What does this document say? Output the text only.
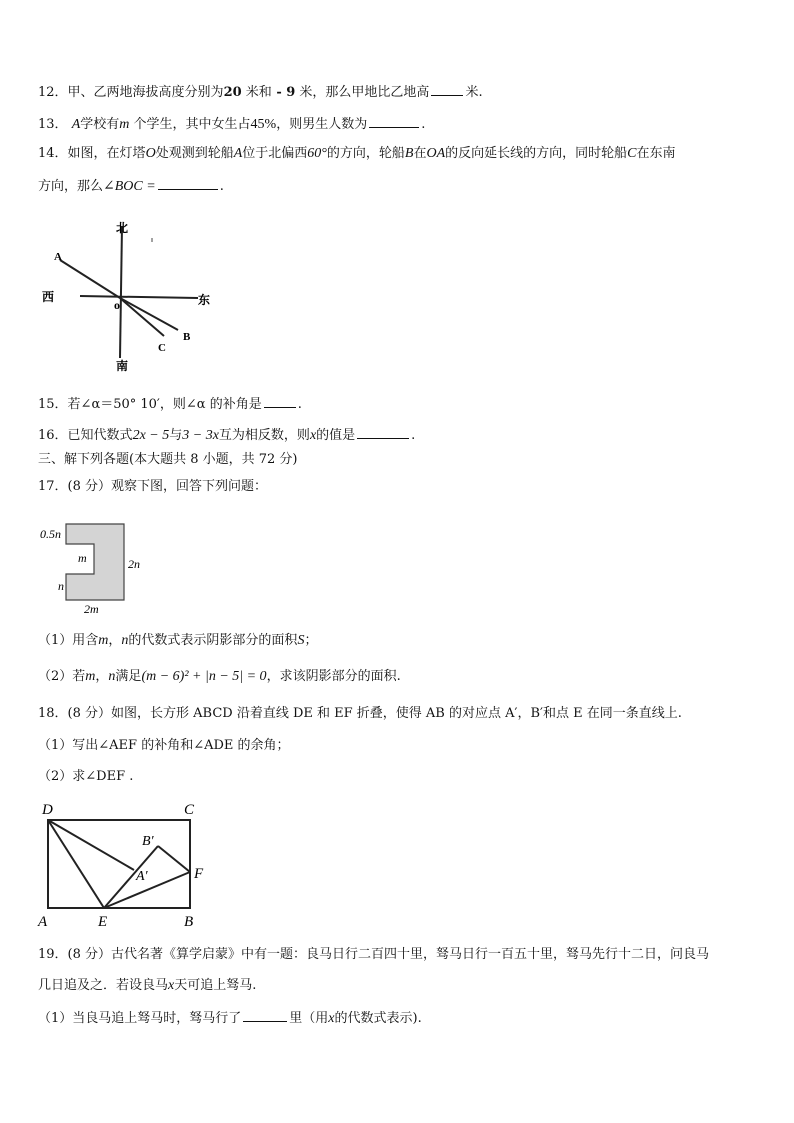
12．甲、乙两地海拔高度分别为20 米和 - 9 米，那么甲地比乙地高	米.
13． A学校有m 个学生，其中女生占45%，则男生人数为	.
14．如图，在灯塔O处观测到轮船A位于北偏西60°的方向，轮船B在OA的反向延长线的方向，同时轮船C在东南
方向，那么∠BOC =	.
北
南
西	东
o
A
B
C
15．若∠α＝50° 10′，则∠α 的补角是	.
16．已知代数式2x − 5与3 − 3x互为相反数，则x的值是	.
三、解下列各题(本大题共 8 小题，共 72 分)
17．(8 分）观察下图，回答下列问题：
0.5n
m
n
2n
2m
（1）用含m，n的代数式表示阴影部分的面积S；
（2）若m，n满足(m − 6)² + |n − 5| = 0，求该阴影部分的面积.
18．(8 分）如图，长方形 ABCD 沿着直线 DE 和 EF 折叠，使得 AB 的对应点 A′，B′和点 E 在同一条直线上.
（1）写出∠AEF 的补角和∠ADE 的余角；
（2）求∠DEF .
D	C
A	B
E
F
A′
B′
19．(8 分）古代名著《算学启蒙》中有一题：良马日行二百四十里，驽马日行一百五十里，驽马先行十二日，问良马
几日追及之．若设良马x天可追上驽马.
（1）当良马追上驽马时，驽马行了	里（用x的代数式表示).
